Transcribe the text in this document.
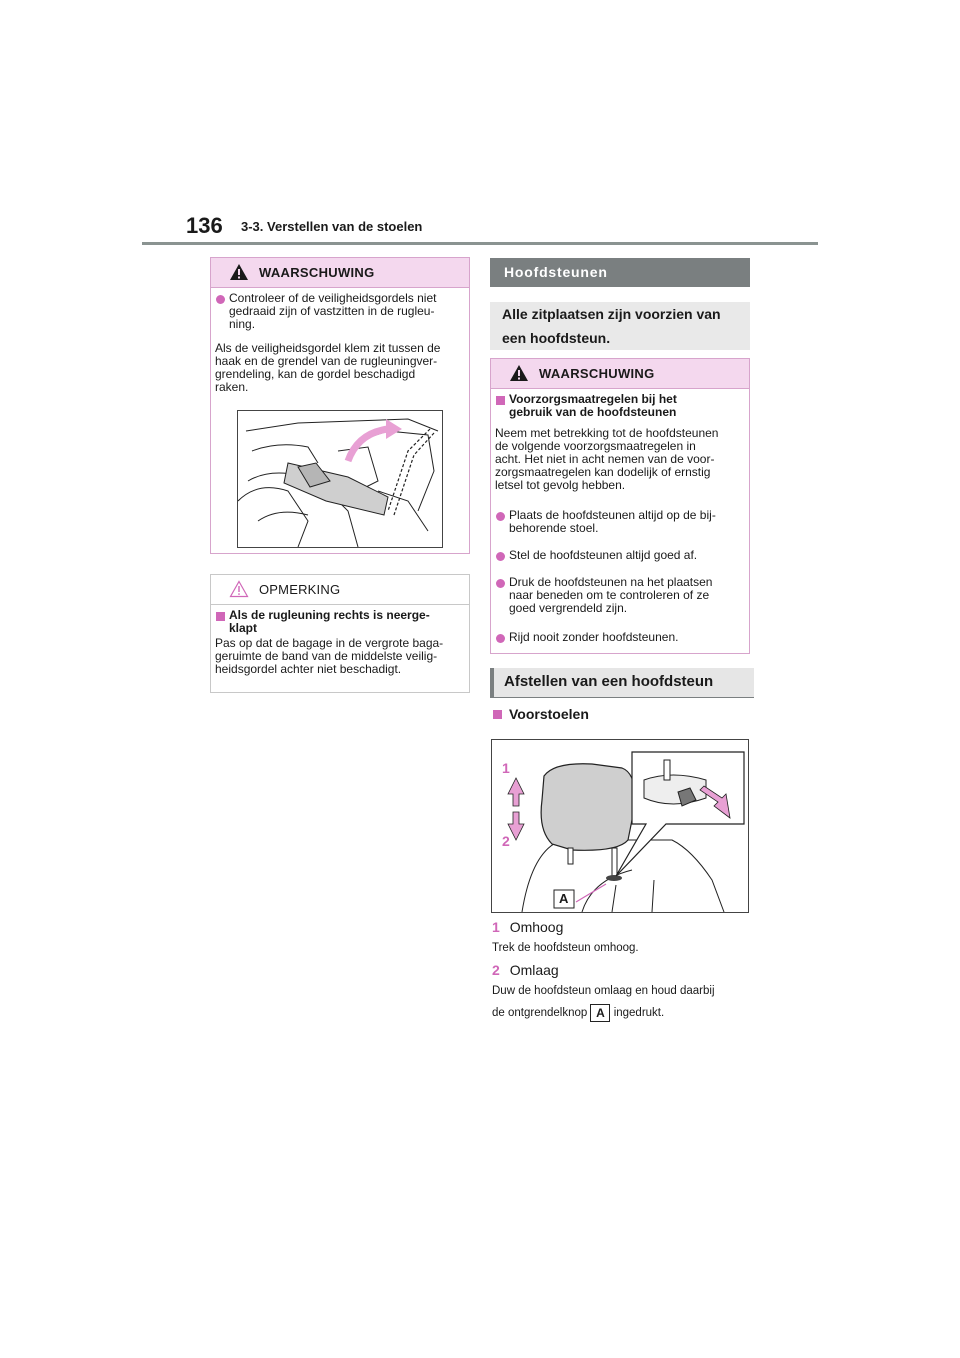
136 3-3. Verstellen van de stoelen
WAARSCHUWING
Controleer of de veiligheidsgordels niet
gedraaid zijn of vastzitten in de rugleu-
ning.
Als de veiligheidsgordel klem zit tussen de
haak en de grendel van de rugleuningver-
grendeling, kan de gordel beschadigd
raken.
OPMERKING
Als de rugleuning rechts is neerge-
klapt
Pas op dat de bagage in de vergrote baga-
geruimte de band van de middelste veilig-
heidsgordel achter niet beschadigt.
Hoofdsteunen
Alle zitplaatsen zijn voorzien van
een hoofdsteun.
WAARSCHUWING
Voorzorgsmaatregelen bij het
gebruik van de hoofdsteunen
Neem met betrekking tot de hoofdsteunen
de volgende voorzorgsmaatregelen in
acht. Het niet in acht nemen van de voor-
zorgsmaatregelen kan dodelijk of ernstig
letsel tot gevolg hebben.
Plaats de hoofdsteunen altijd op de bij-
behorende stoel.
Stel de hoofdsteunen altijd goed af.
Druk de hoofdsteunen na het plaatsen
naar beneden om te controleren of ze
goed vergrendeld zijn.
Rijd nooit zonder hoofdsteunen.
Afstellen van een hoofdsteun
Voorstoelen
1
2
A
1 Omhoog
Trek de hoofdsteun omhoog.
2 Omlaag
Duw de hoofdsteun omlaag en houd daarbij
de ontgrendelknop A ingedrukt.
